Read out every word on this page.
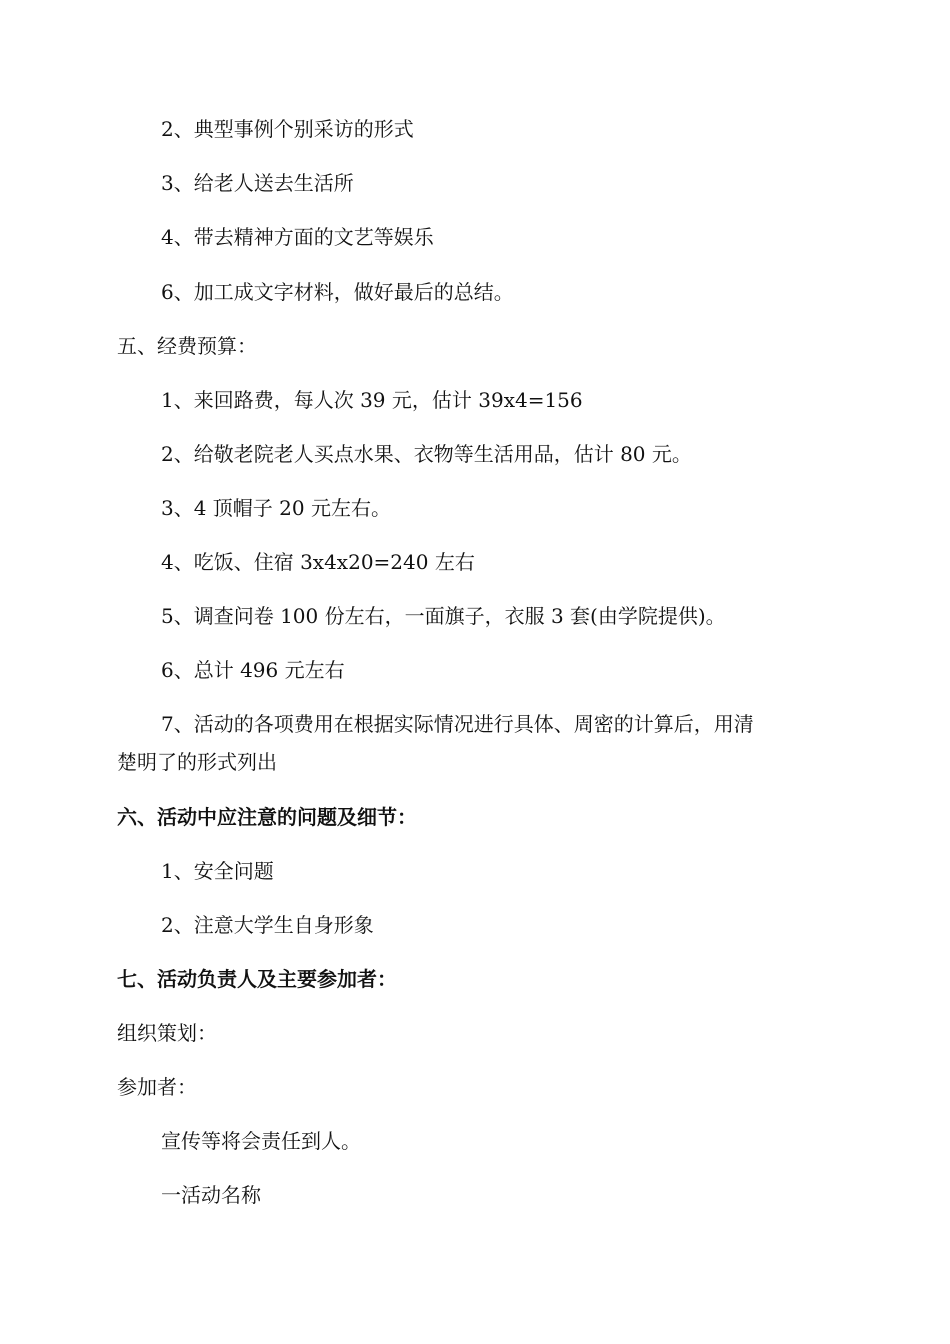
2、典型事例个别采访的形式
3、给老人送去生活所
4、带去精神方面的文艺等娱乐
6、加工成文字材料，做好最后的总结。
五、经费预算：
1、来回路费，每人次 39 元，估计 39x4=156
2、给敬老院老人买点水果、衣物等生活用品，估计 80 元。
3、4 顶帽子 20 元左右。
4、吃饭、住宿 3x4x20=240 左右
5、调查问卷 100 份左右，一面旗子，衣服 3 套(由学院提供)。
6、总计 496 元左右
7、活动的各项费用在根据实际情况进行具体、周密的计算后，用清
楚明了的形式列出
六、活动中应注意的问题及细节：
1、安全问题
2、注意大学生自身形象
七、活动负责人及主要参加者：
组织策划：
参加者：
宣传等将会责任到人。
一活动名称
